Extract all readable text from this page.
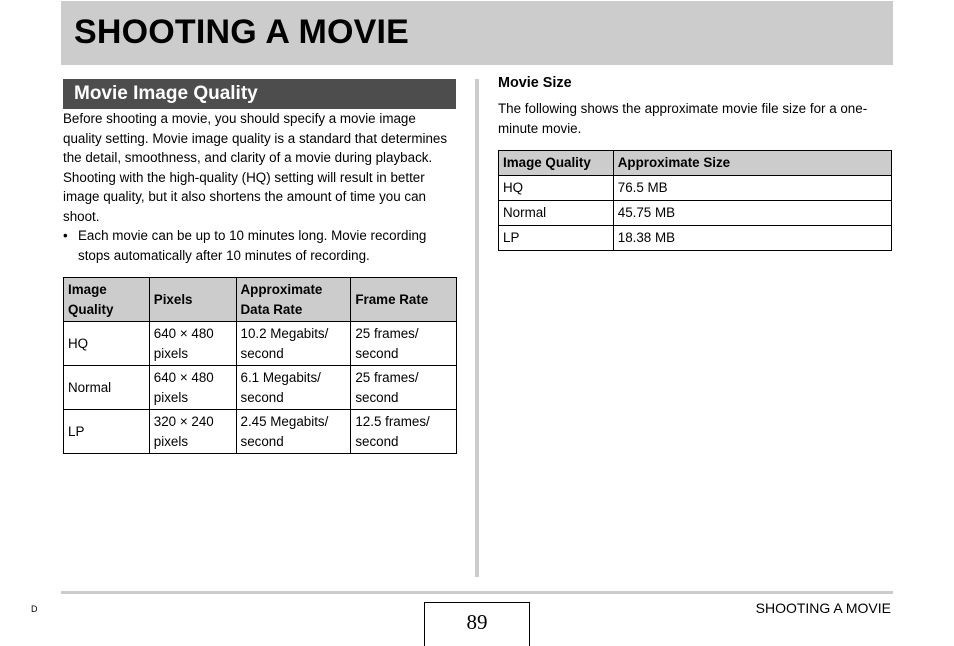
SHOOTING A MOVIE
Movie Image Quality

Before shooting a movie, you should specify a movie image quality setting. Movie image quality is a standard that determines the detail, smoothness, and clarity of a movie during playback. Shooting with the high-quality (HQ) setting will result in better image quality, but it also shortens the amount of time you can shoot.

• Each movie can be up to 10 minutes long. Movie recording stops automatically after 10 minutes of recording.
Image Quality	Pixels	Approximate Data Rate	Frame Rate
HQ	640 × 480 pixels	10.2 Megabits/ second	25 frames/ second
Normal	640 × 480 pixels	6.1 Megabits/ second	25 frames/ second
LP	320 × 240 pixels	2.45 Megabits/ second	12.5 frames/ second
Movie Size

The following shows the approximate movie file size for a one-minute movie.

Image Quality	Approximate Size
HQ	76.5 MB
Normal	45.75 MB
LP	18.38 MB
D
89
SHOOTING A MOVIE
